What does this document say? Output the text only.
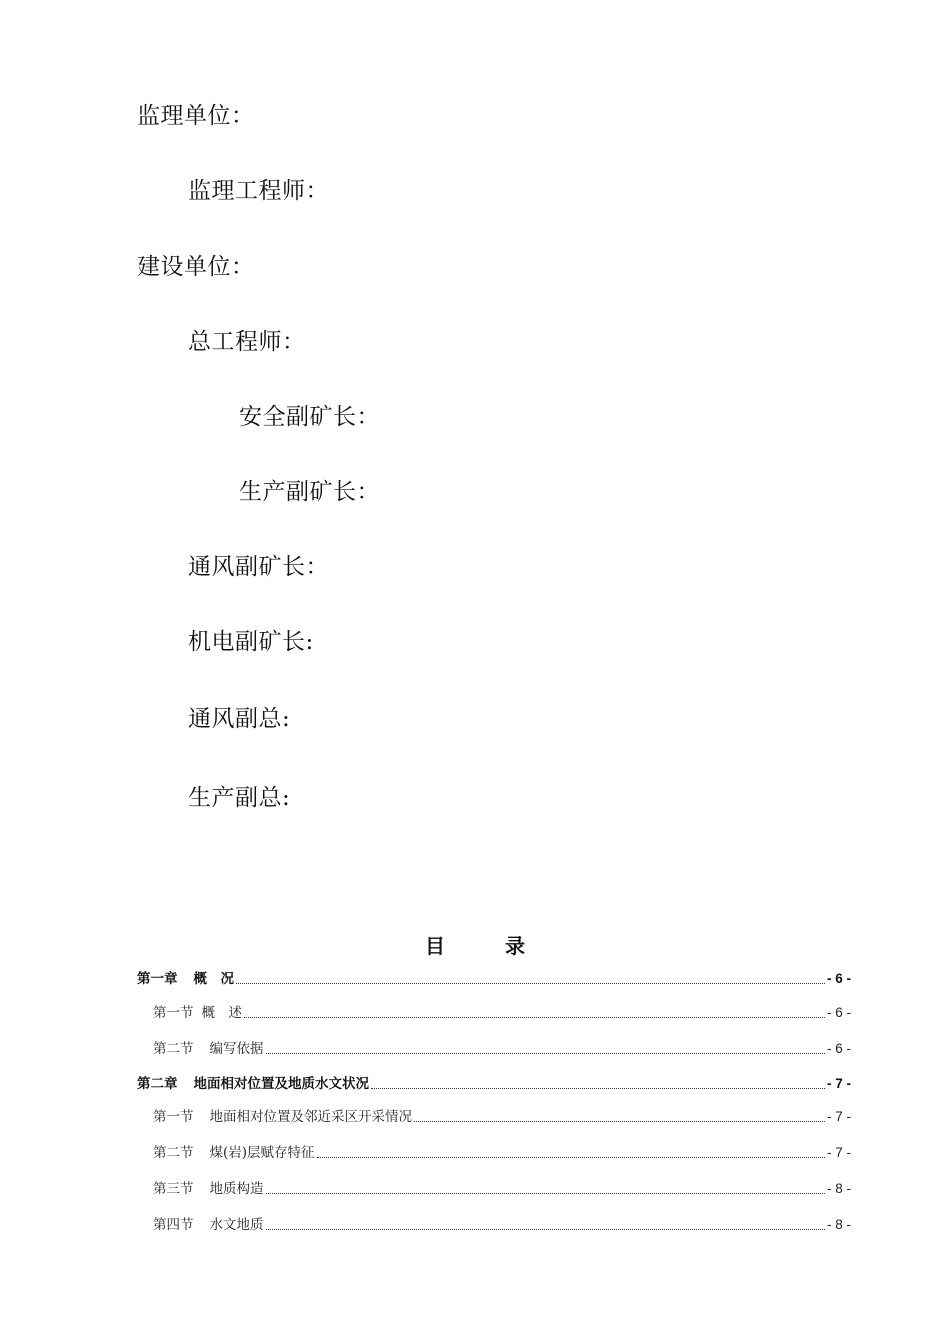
监理单位：
监理工程师：
建设单位：
总工程师：
安全副矿长：
生产副矿长：
通风副矿长：
机电副矿长:
通风副总:
生产副总:
目	录
第一章 概　况	- 6 -
第一节 概　述	- 6 -
第二节 编写依据	- 6 -
第二章 地面相对位置及地质水文状况	- 7 -
第一节 地面相对位置及邻近采区开采情况	- 7 -
第二节 煤(岩)层赋存特征	- 7 -
第三节 地质构造	- 8 -
第四节 水文地质	- 8 -
